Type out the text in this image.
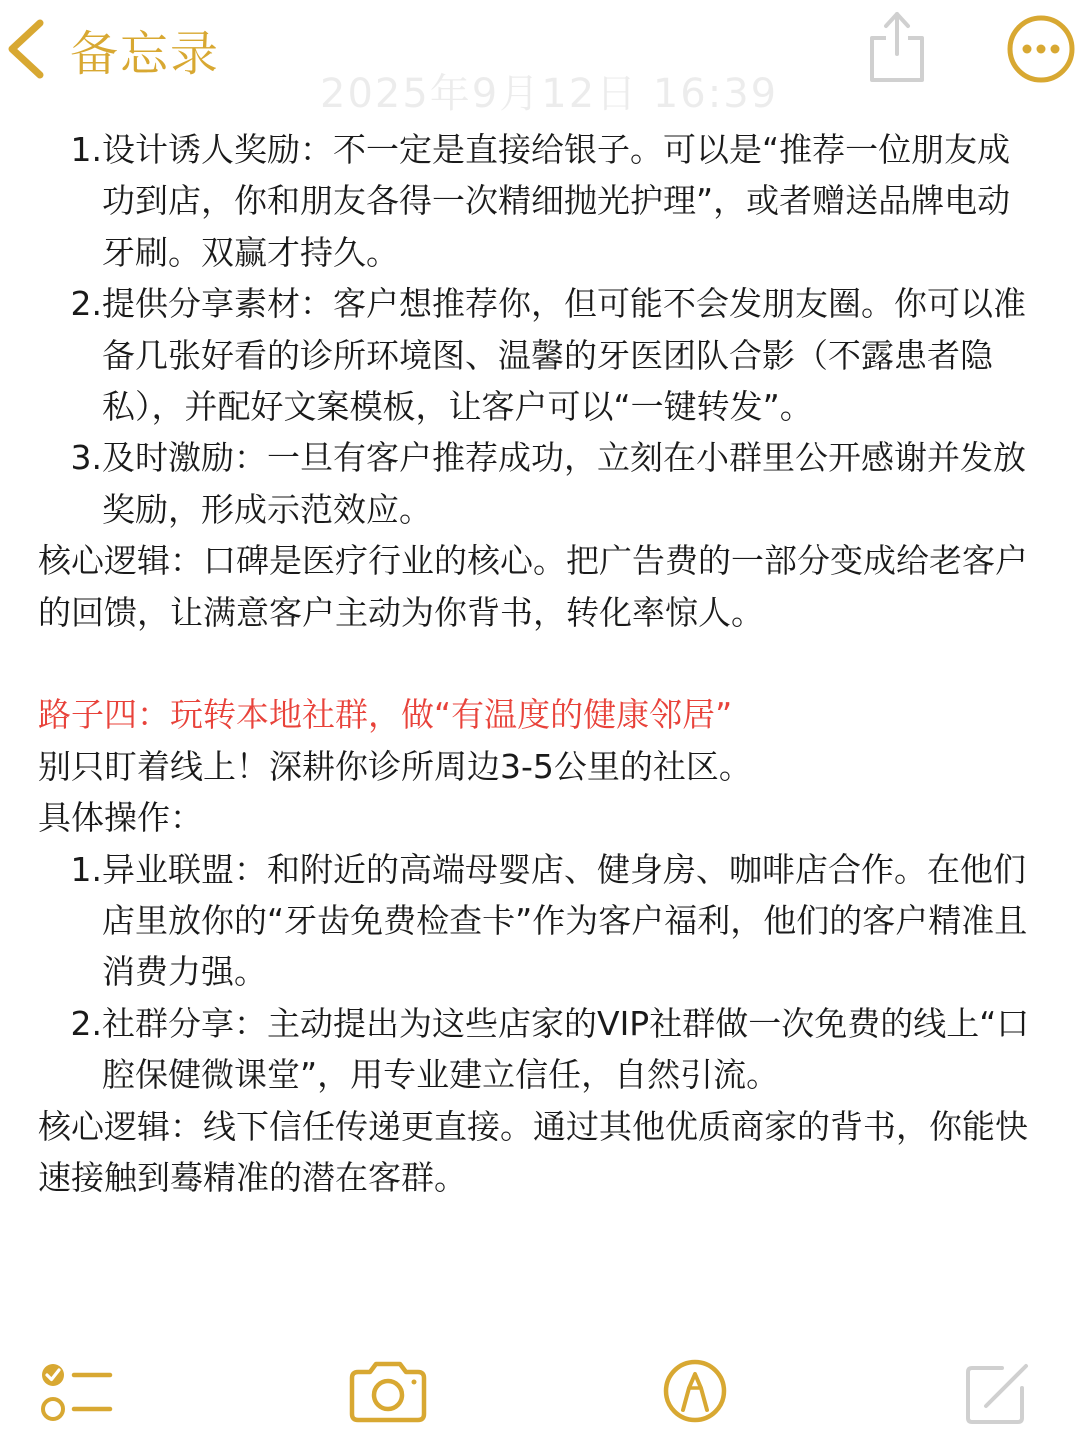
备忘录
2025年9月12日 16:39
1. 设计诱人奖励：不一定是直接给银子。可以是“推荐一位朋友成功到店，你和朋友各得一次精细抛光护理”，或者赠送品牌电动牙刷。双赢才持久。
2. 提供分享素材：客户想推荐你，但可能不会发朋友圈。你可以准备几张好看的诊所环境图、温馨的牙医团队合影（不露患者隐私），并配好文案模板，让客户可以“一键转发”。
3. 及时激励：一旦有客户推荐成功，立刻在小群里公开感谢并发放奖励，形成示范效应。

核心逻辑：口碑是医疗行业的核心。把广告费的一部分变成给老客户的回馈，让满意客户主动为你背书，转化率惊人。

路子四：玩转本地社群，做“有温度的健康邻居”

别只盯着线上！深耕你诊所周边3-5公里的社区。

具体操作：

1. 异业联盟：和附近的高端母婴店、健身房、咖啡店合作。在他们店里放你的“牙齿免费检查卡”作为客户福利，他们的客户精准且消费力强。
2. 社群分享：主动提出为这些店家的VIP社群做一次免费的线上“口腔保健微课堂”，用专业建立信任，自然引流。

核心逻辑：线下信任传递更直接。通过其他优质商家的背书，你能快速接触到蓦精准的潜在客群。
